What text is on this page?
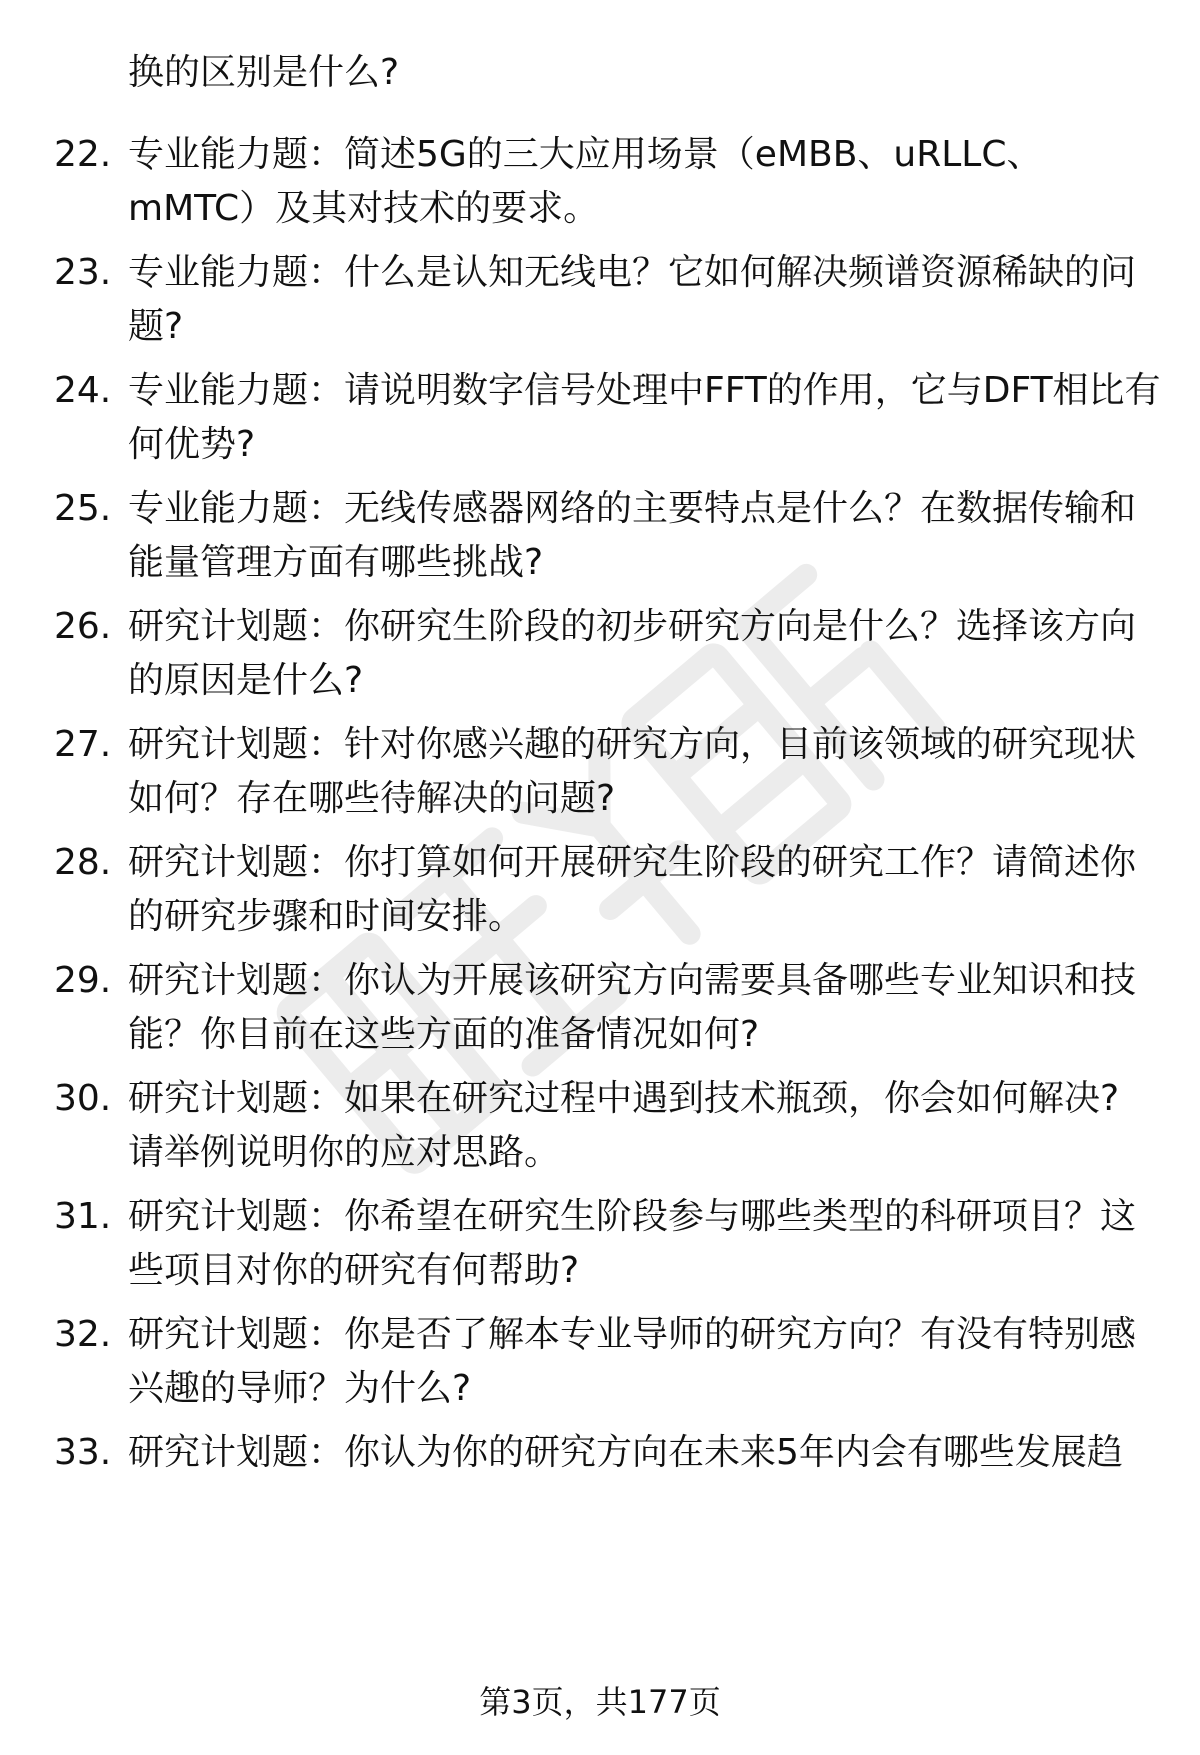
换的区别是什么?
22. 专业能力题：简述5G的三大应用场景（eMBB、uRLLC、
mMTC）及其对技术的要求。
23. 专业能力题：什么是认知无线电？它如何解决频谱资源稀缺的问
题?
24. 专业能力题：请说明数字信号处理中FFT的作用，它与DFT相比有
何优势?
25. 专业能力题：无线传感器网络的主要特点是什么？在数据传输和
能量管理方面有哪些挑战?
26. 研究计划题：你研究生阶段的初步研究方向是什么？选择该方向
的原因是什么?
27. 研究计划题：针对你感兴趣的研究方向，目前该领域的研究现状
如何？存在哪些待解决的问题?
28. 研究计划题：你打算如何开展研究生阶段的研究工作？请简述你
的研究步骤和时间安排。
29. 研究计划题：你认为开展该研究方向需要具备哪些专业知识和技
能？你目前在这些方面的准备情况如何?
30. 研究计划题：如果在研究过程中遇到技术瓶颈，你会如何解决?
请举例说明你的应对思路。
31. 研究计划题：你希望在研究生阶段参与哪些类型的科研项目？这
些项目对你的研究有何帮助?
32. 研究计划题：你是否了解本专业导师的研究方向？有没有特别感
兴趣的导师？为什么?
33. 研究计划题：你认为你的研究方向在未来5年内会有哪些发展趋
第3页，共177页
